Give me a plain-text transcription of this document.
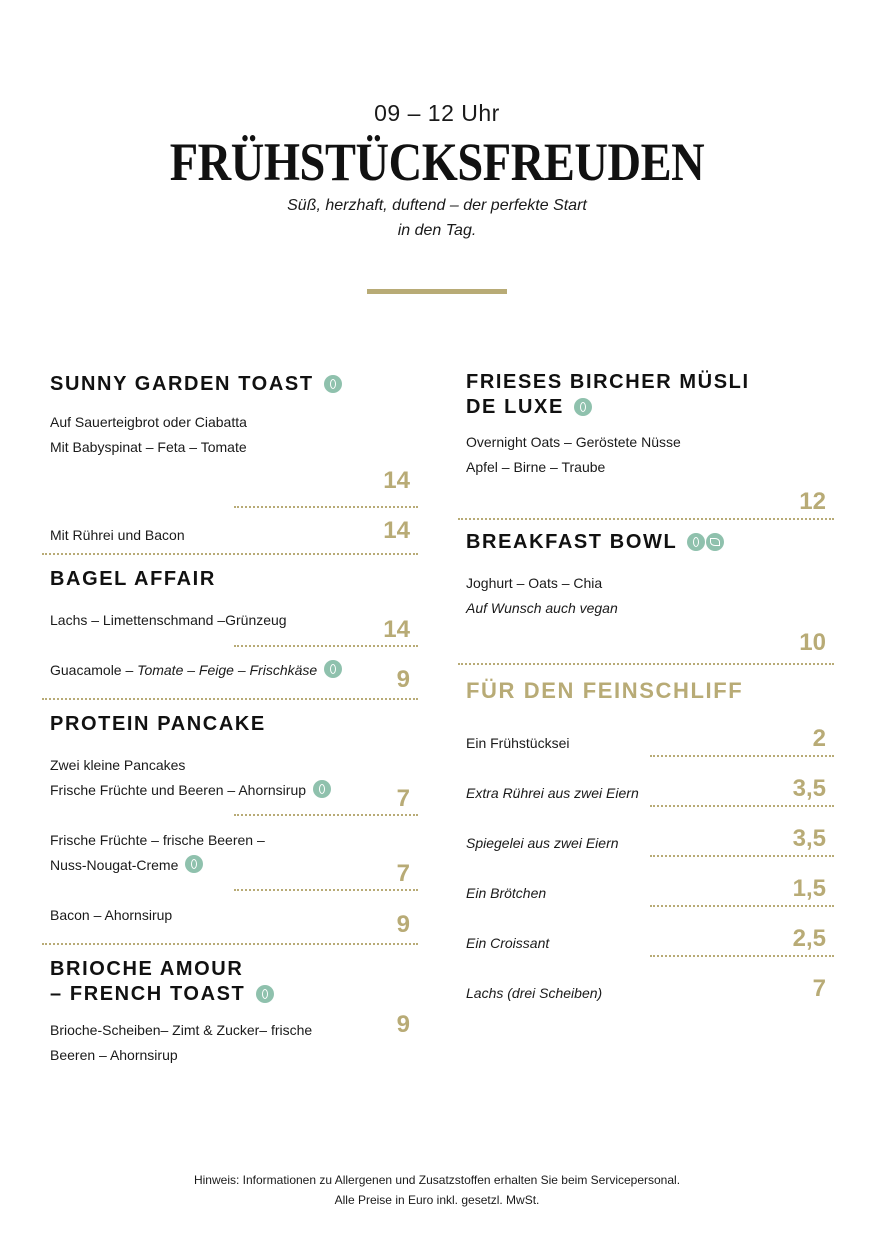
09 – 12 Uhr
FRÜHSTÜCKSFREUDEN
Süß, herzhaft, duftend – der perfekte Start
in den Tag.
SUNNY GARDEN TOAST
Auf Sauerteigbrot oder Ciabatta
Mit Babyspinat – Feta – Tomate
14
Mit Rührei und Bacon	14
BAGEL AFFAIR
Lachs – Limettenschmand –Grünzeug	14
Guacamole – Tomate – Feige – Frischkäse	9
PROTEIN PANCAKE
Zwei kleine Pancakes
Frische Früchte und Beeren – Ahornsirup	7
Frische Früchte – frische Beeren –
Nuss-Nougat-Creme	7
Bacon – Ahornsirup	9
BRIOCHE AMOUR
– FRENCH TOAST
Brioche-Scheiben– Zimt & Zucker– frische
Beeren – Ahornsirup
9
FRIESES BIRCHER MÜSLI
DE LUXE
Overnight Oats – Geröstete Nüsse
Apfel – Birne – Traube
12
BREAKFAST BOWL
Joghurt – Oats – Chia
Auf Wunsch auch vegan
10
FÜR DEN FEINSCHLIFF
Ein Frühstücksei	2
Extra Rührei aus zwei Eiern	3,5
Spiegelei aus zwei Eiern	3,5
Ein Brötchen	1,5
Ein Croissant	2,5
Lachs (drei Scheiben)	7
Hinweis: Informationen zu Allergenen und Zusatzstoffen erhalten Sie beim Servicepersonal.
Alle Preise in Euro inkl. gesetzl. MwSt.
